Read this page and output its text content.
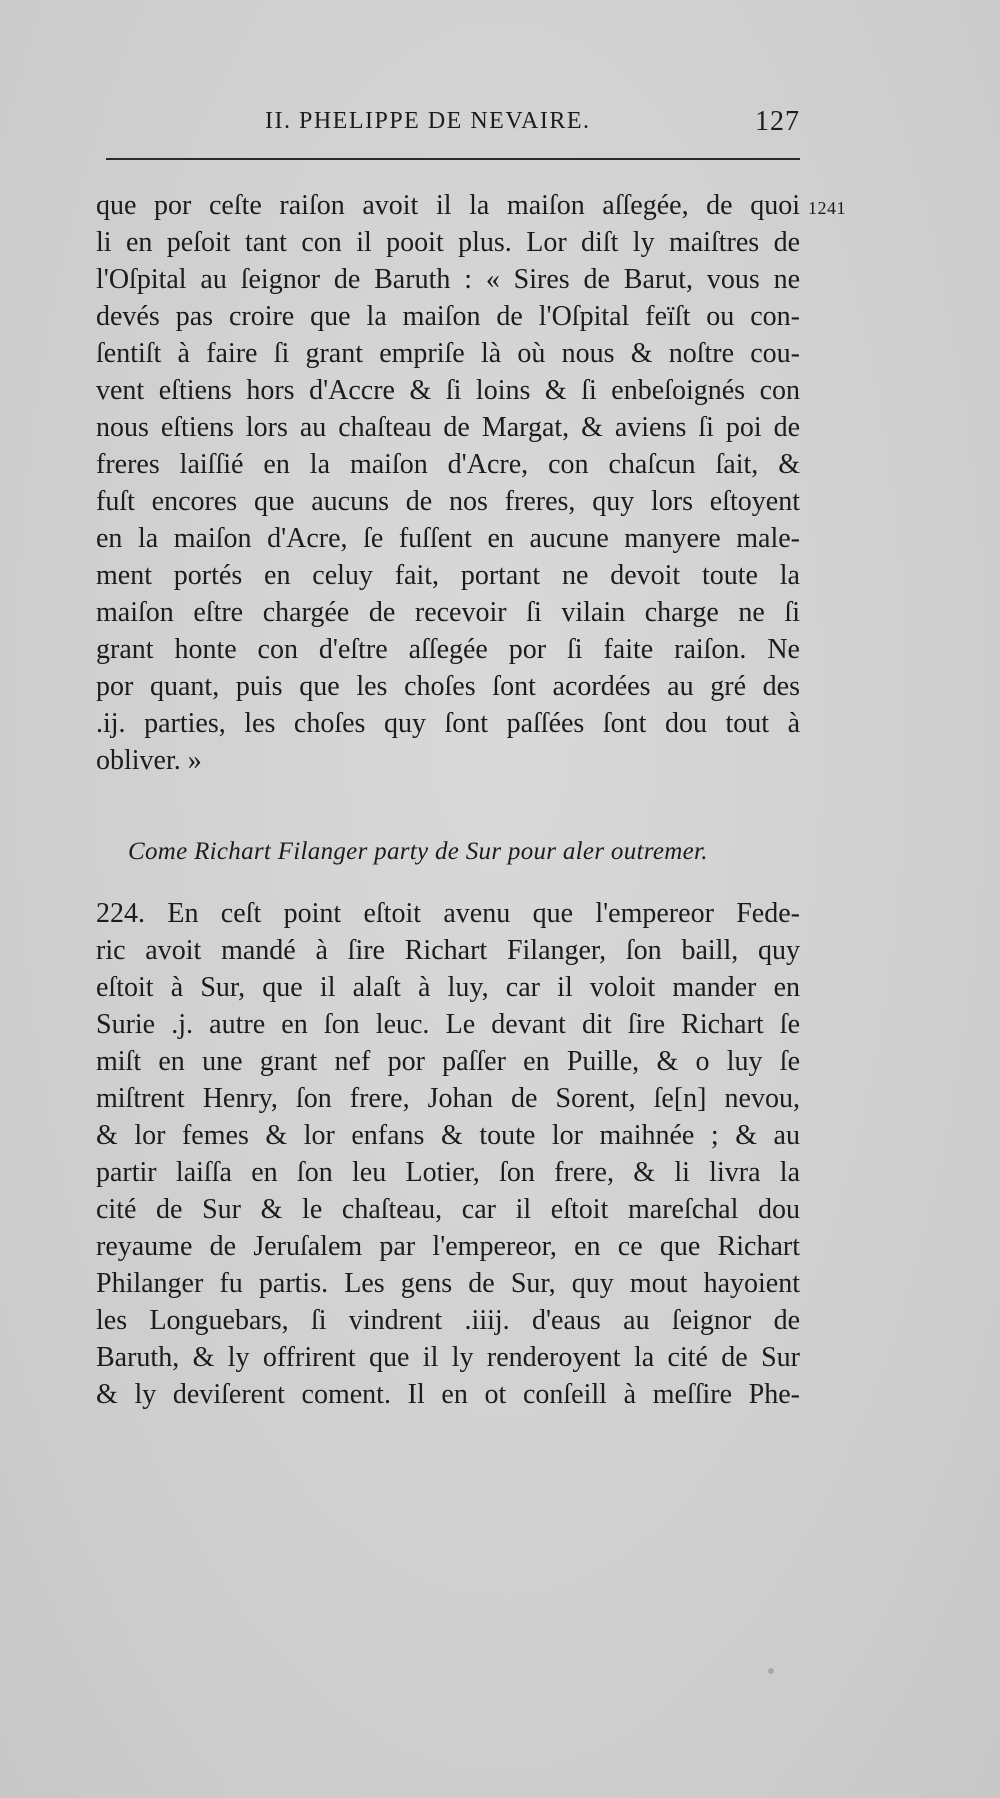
II. PHELIPPE DE NEVAIRE.	127
1241
que por ceſte raiſon avoit il la maiſon aſſegée, de quoi
li en peſoit tant con il pooit plus. Lor diſt ly maiſtres de
l'Oſpital au ſeignor de Baruth : « Sires de Barut, vous ne
devés pas croire que la maiſon de l'Oſpital feïſt ou con-
ſentiſt à faire ſi grant empriſe là où nous & noſtre cou-
vent eſtiens hors d'Accre & ſi loins & ſi enbeſoignés con
nous eſtiens lors au chaſteau de Margat, & aviens ſi poi de
freres laiſſié en la maiſon d'Acre, con chaſcun ſait, &
fuſt encores que aucuns de nos freres, quy lors eſtoyent
en la maiſon d'Acre, ſe fuſſent en aucune manyere male-
ment portés en celuy fait, portant ne devoit toute la
maiſon eſtre chargée de recevoir ſi vilain charge ne ſi
grant honte con d'eſtre aſſegée por ſi faite raiſon. Ne
por quant, puis que les choſes ſont acordées au gré des
.ij. parties, les choſes quy ſont paſſées ſont dou tout à
obliver. »
Come Richart Filanger party de Sur pour aler outremer.
224. En ceſt point eſtoit avenu que l'empereor Fede-
ric avoit mandé à ſire Richart Filanger, ſon baill, quy
eſtoit à Sur, que il alaſt à luy, car il voloit mander en
Surie .j. autre en ſon leuc. Le devant dit ſire Richart ſe
miſt en une grant nef por paſſer en Puille, & o luy ſe
miſtrent Henry, ſon frere, Johan de Sorent, ſe[n] nevou,
& lor femes & lor enfans & toute lor maihnée ; & au
partir laiſſa en ſon leu Lotier, ſon frere, & li livra la
cité de Sur & le chaſteau, car il eſtoit mareſchal dou
reyaume de Jeruſalem par l'empereor, en ce que Richart
Philanger fu partis. Les gens de Sur, quy mout hayoient
les Longuebars, ſi vindrent .iiij. d'eaus au ſeignor de
Baruth, & ly offrirent que il ly renderoyent la cité de Sur
& ly deviſerent coment. Il en ot conſeill à meſſire Phe-
